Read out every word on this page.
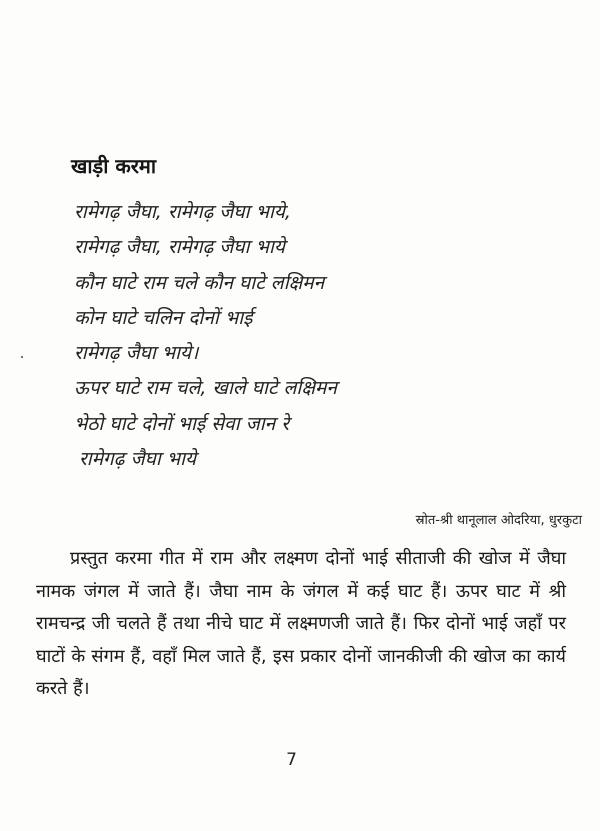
खाड़ी करमा
रामेगढ़ जैघा, रामेगढ़ जैघा भाये,
रामेगढ़ जैघा, रामेगढ़ जैघा भाये
कौन घाटे राम चले कौन घाटे लक्षिमन
कोन घाटे चलिन दोनों भाई
रामेगढ़ जैघा भाये।
ऊपर घाटे राम चले, खाले घाटे लक्षिमन
भेठो घाटे दोनों भाई सेवा जान रे
रामेगढ़ जैघा भाये
स्रोत-श्री थानूलाल ओदरिया, धुरकुटा

प्रस्तुत करमा गीत में राम और लक्ष्मण दोनों भाई सीताजी की खोज में जैघा नामक जंगल में जाते हैं। जैघा नाम के जंगल में कई घाट हैं। ऊपर घाट में श्री रामचन्द्र जी चलते हैं तथा नीचे घाट में लक्ष्मणजी जाते हैं। फिर दोनों भाई जहाँ पर घाटों के संगम हैं, वहाँ मिल जाते हैं, इस प्रकार दोनों जानकीजी की खोज का कार्य करते हैं।

7
